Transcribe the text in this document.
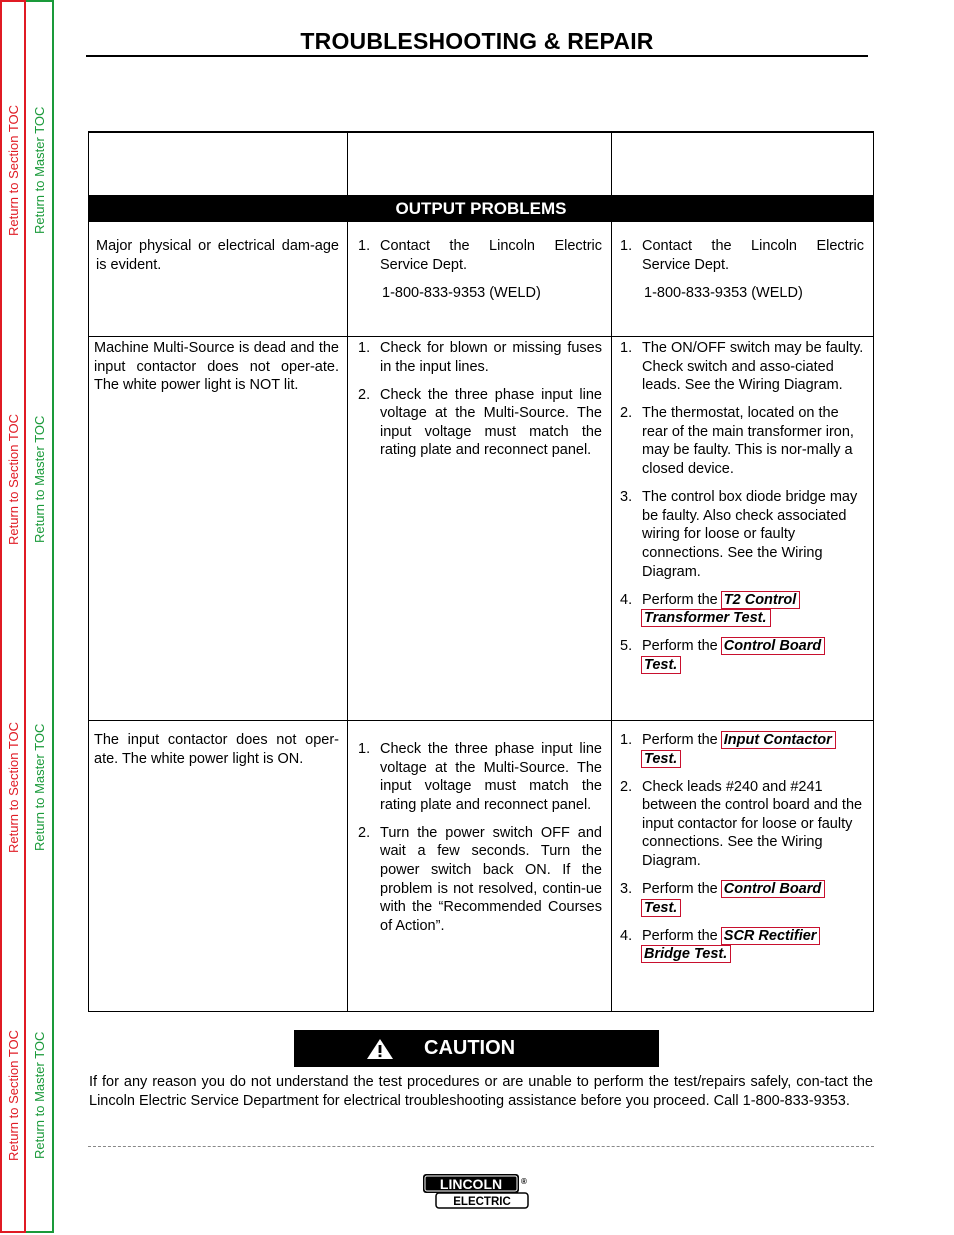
Return to Section TOC Return to Master TOC
Return to Section TOC Return to Master TOC
Return to Section TOC Return to Master TOC
Return to Section TOC Return to Master TOC
TROUBLESHOOTING & REPAIR
OUTPUT PROBLEMS
Major physical or electrical dam-age is evident.
1. Contact the Lincoln Electric Service Dept.
1-800-833-9353 (WELD)
1. Contact the Lincoln Electric Service Dept.
1-800-833-9353 (WELD)
Machine Multi-Source is dead and the input contactor does not oper-ate. The white power light is NOT lit.
1. Check for blown or missing fuses in the input lines.
2. Check the three phase input line voltage at the Multi-Source. The input voltage must match the rating plate and reconnect panel.
1. The ON/OFF switch may be faulty. Check switch and asso-ciated leads. See the Wiring Diagram.
2. The thermostat, located on the rear of the main transformer iron, may be faulty. This is nor-mally a closed device.
3. The control box diode bridge may be faulty. Also check associated wiring for loose or faulty connections. See the Wiring Diagram.
4. Perform the T2 Control
Transformer Test.
5. Perform the Control Board
Test.
The input contactor does not oper-ate. The white power light is ON.
1. Check the three phase input line voltage at the Multi-Source. The input voltage must match the rating plate and reconnect panel.
2. Turn the power switch OFF and wait a few seconds. Turn the power switch back ON. If the problem is not resolved, contin-ue with the “Recommended Courses of Action”.
1. Perform the Input Contactor
Test.
2. Check leads #240 and #241 between the control board and the input contactor for loose or faulty connections. See the Wiring Diagram.
3. Perform the Control Board
Test.
4. Perform the SCR Rectifier
Bridge Test.
CAUTION
If for any reason you do not understand the test procedures or are unable to perform the test/repairs safely, con-tact the Lincoln Electric Service Department for electrical troubleshooting assistance before you proceed. Call 1-800-833-9353.
LINCOLN ®
ELECTRIC
